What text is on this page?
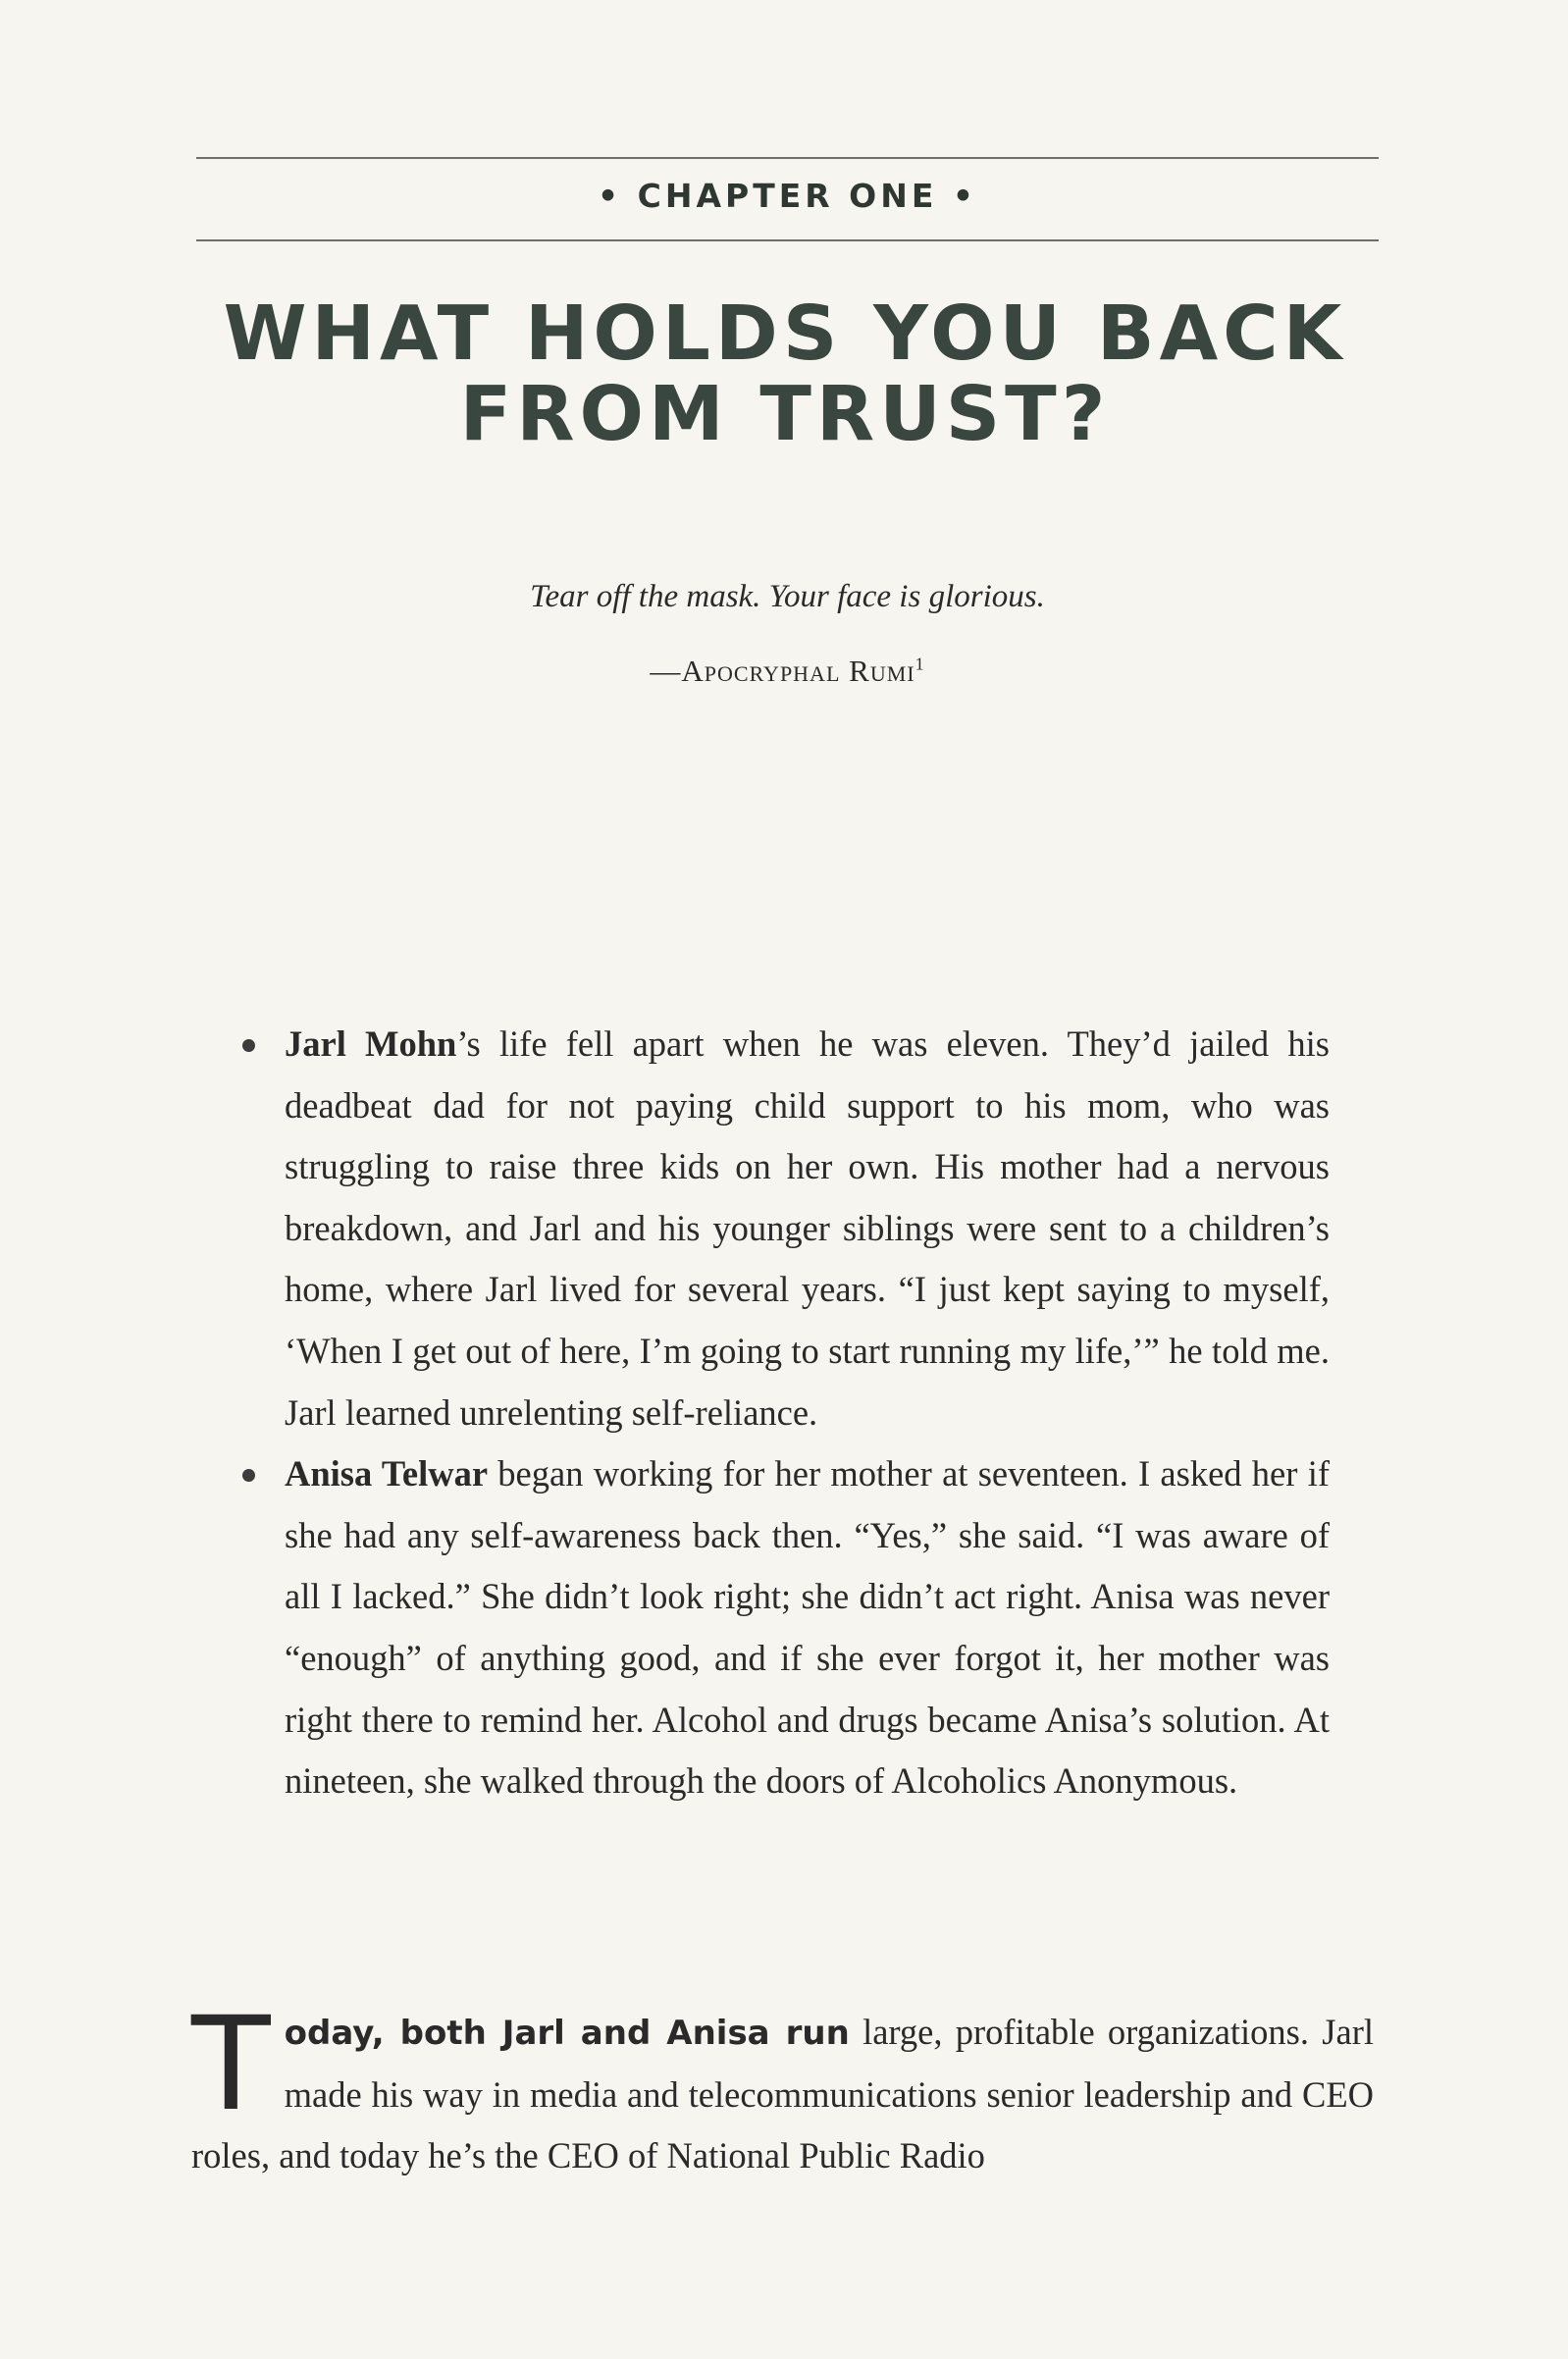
• CHAPTER ONE •
WHAT HOLDS YOU BACK
FROM TRUST?
Tear off the mask. Your face is glorious.
—Apocryphal Rumi$^1$
Jarl Mohn’s life fell apart when he was eleven. They’d jailed his deadbeat dad for not paying child support to his mom, who was struggling to raise three kids on her own. His mother had a nervous breakdown, and Jarl and his younger siblings were sent to a children’s home, where Jarl lived for several years. “I just kept saying to myself, ‘When I get out of here, I’m going to start running my life,’” he told me. Jarl learned unrelenting self-reliance.
Anisa Telwar began working for her mother at seventeen. I asked her if she had any self-awareness back then. “Yes,” she said. “I was aware of all I lacked.” She didn’t look right; she didn’t act right. Anisa was never “enough” of anything good, and if she ever forgot it, her mother was right there to remind her. Alcohol and drugs became Anisa’s solution. At nineteen, she walked through the doors of Alcoholics Anonymous.
Today, both Jarl and Anisa run large, profitable organizations. Jarl made his way in media and telecommunications senior leadership and CEO roles, and today he’s the CEO of National Public Radio
